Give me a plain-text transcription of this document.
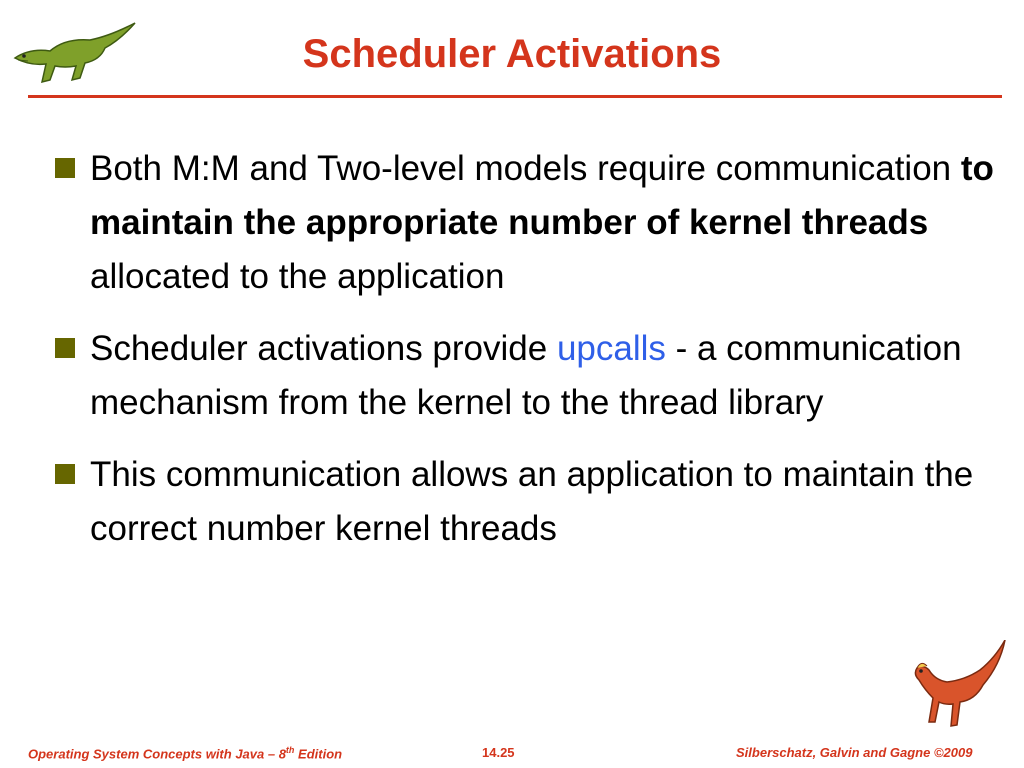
Scheduler Activations
Both M:M and Two-level models require communication to maintain the appropriate number of kernel threads allocated to the application
Scheduler activations provide upcalls - a communication mechanism from the kernel to the thread library
This communication allows an application to maintain the correct number kernel threads
Operating System Concepts with Java – 8th Edition	14.25	Silberschatz, Galvin and Gagne ©2009
